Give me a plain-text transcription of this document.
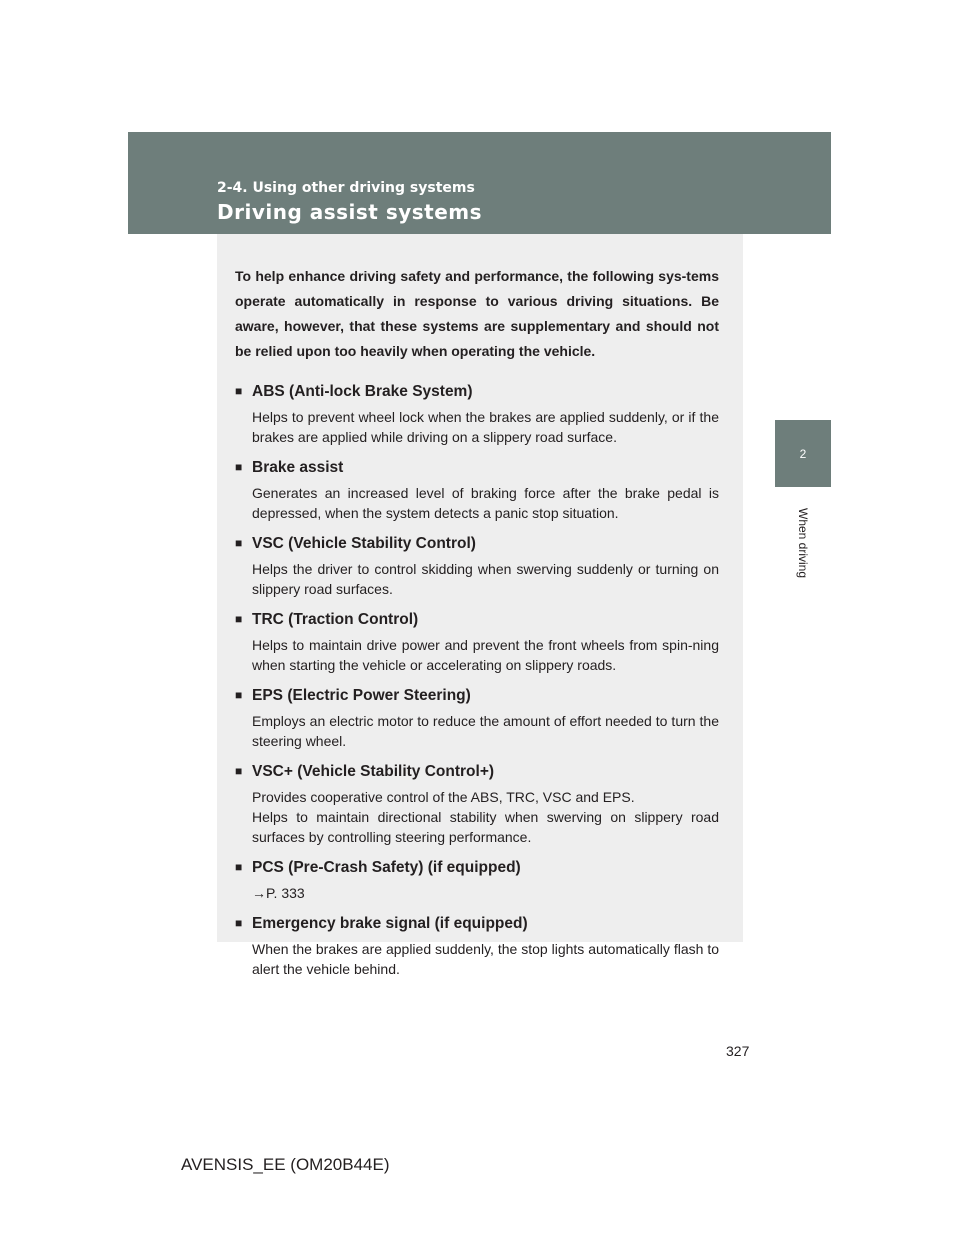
2-4. Using other driving systems

Driving assist systems
2
When driving

To help enhance driving safety and performance, the following sys-tems operate automatically in response to various driving situations. Be aware, however, that these systems are supplementary and should not be relied upon too heavily when operating the vehicle.

■ ABS (Anti-lock Brake System)

Helps to prevent wheel lock when the brakes are applied suddenly, or if the brakes are applied while driving on a slippery road surface.

■ Brake assist

Generates an increased level of braking force after the brake pedal is depressed, when the system detects a panic stop situation.

■ VSC (Vehicle Stability Control)

Helps the driver to control skidding when swerving suddenly or turning on slippery road surfaces.

■ TRC (Traction Control)

Helps to maintain drive power and prevent the front wheels from spin-ning when starting the vehicle or accelerating on slippery roads.

■ EPS (Electric Power Steering)

Employs an electric motor to reduce the amount of effort needed to turn the steering wheel.

■ VSC+ (Vehicle Stability Control+)

Provides cooperative control of the ABS, TRC, VSC and EPS.

Helps to maintain directional stability when swerving on slippery road surfaces by controlling steering performance.

■ PCS (Pre-Crash Safety) (if equipped)

→P. 333

■ Emergency brake signal (if equipped)

When the brakes are applied suddenly, the stop lights automatically flash to alert the vehicle behind.

327
AVENSIS_EE (OM20B44E)
